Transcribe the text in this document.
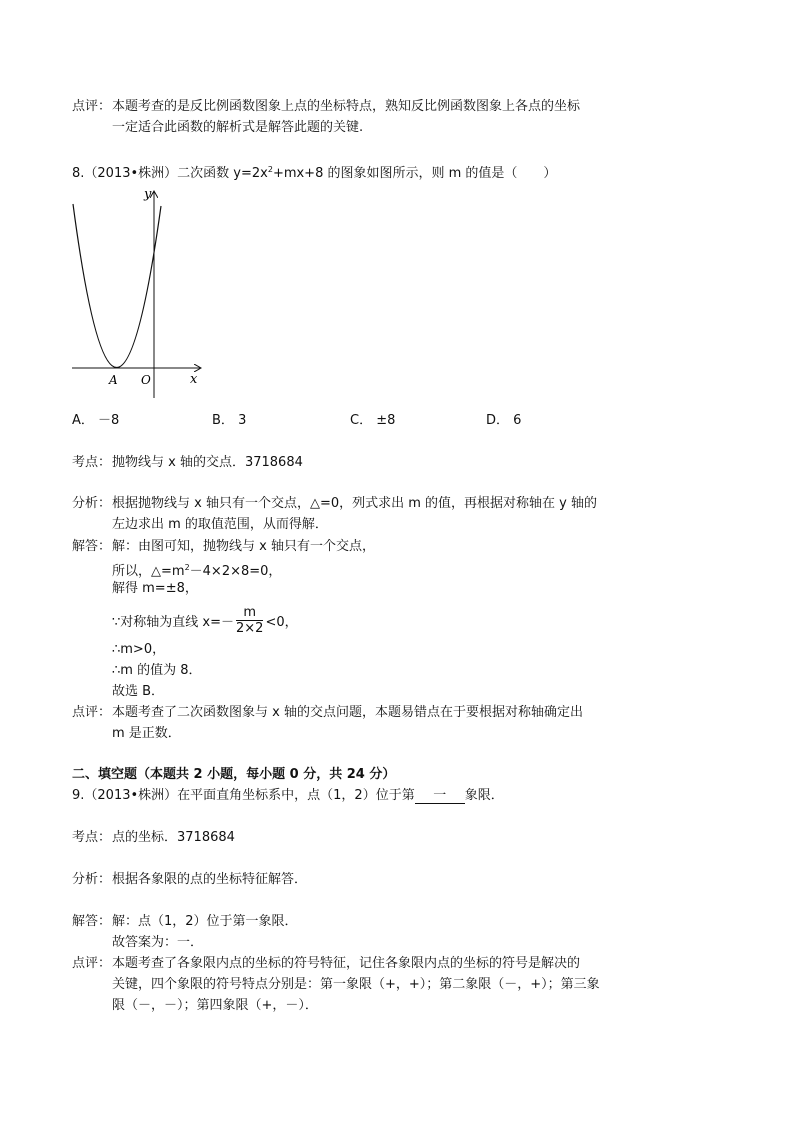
点评： 本题考查的是反比例函数图象上点的坐标特点，熟知反比例函数图象上各点的坐标
一定适合此函数的解析式是解答此题的关键.
8.（2013•株洲）二次函数 $y=2x^2+mx+8$ 的图象如图所示，则 m 的值是（　　）
y
x
O
A
A． －8	B． 3	C． ±8	D． 6
考点： 抛物线与 x 轴的交点．3718684
分析： 根据抛物线与 x 轴只有一个交点，△=0，列式求出 m 的值，再根据对称轴在 y 轴的
左边求出 m 的取值范围，从而得解．
解答： 解：由图可知，抛物线与 x 轴只有一个交点，
所以，$\triangle=m^2-4\times 2\times 8=0$，
解得 m=±8，
∵对称轴为直线 $x=- \frac{m}{2\times 2} <0$，
∴m>0，
∴m 的值为 8．
故选 B．
点评： 本题考查了二次函数图象与 x 轴的交点问题，本题易错点在于要根据对称轴确定出
m 是正数．
二、填空题（本题共 2 小题，每小题 0 分，共 24 分）
9.（2013•株洲）在平面直角坐标系中，点（1，2）位于第 一 象限．
考点： 点的坐标．3718684
分析： 根据各象限的点的坐标特征解答．
解答： 解：点（1，2）位于第一象限．
故答案为：一．
点评： 本题考查了各象限内点的坐标的符号特征，记住各象限内点的坐标的符号是解决的
关键，四个象限的符号特点分别是：第一象限（+，+）；第二象限（－，+）；第三象
限（－，－）；第四象限（+，－）．
